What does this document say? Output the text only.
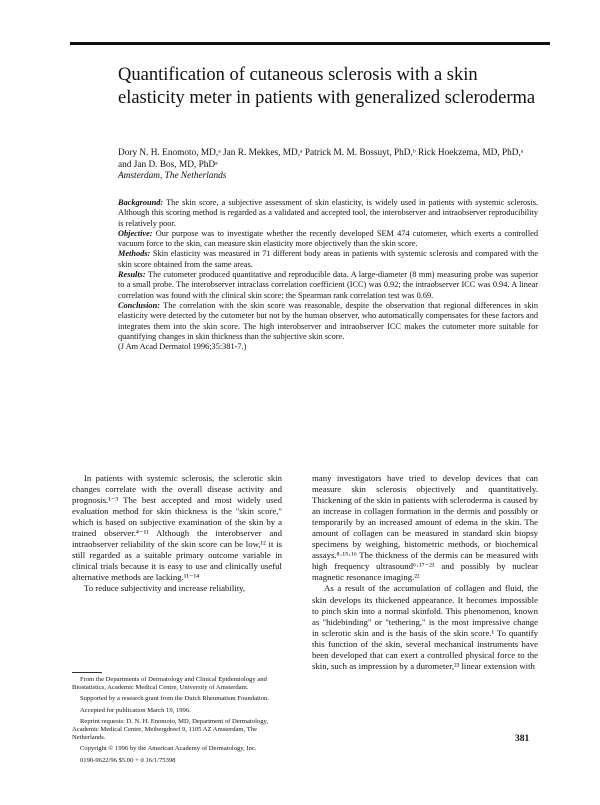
Quantification of cutaneous sclerosis with a skin elasticity meter in patients with generalized scleroderma
Dory N. H. Enomoto, MD,ᵃ Jan R. Mekkes, MD,ᵃ Patrick M. M. Bossuyt, PhD,ᵇ Rick Hoekzema, MD, PhD,ᵃ and Jan D. Bos, MD, PhDᵃ
Amsterdam, The Netherlands

Background: The skin score, a subjective assessment of skin elasticity, is widely used in patients with systemic sclerosis. Although this scoring method is regarded as a validated and accepted tool, the interobserver and intraobserver reproducibility is relatively poor.

Objective: Our purpose was to investigate whether the recently developed SEM 474 cutometer, which exerts a controlled vacuum force to the skin, can measure skin elasticity more objectively than the skin score.

Methods: Skin elasticity was measured in 71 different body areas in patients with systemic sclerosis and compared with the skin score obtained from the same areas.

Results: The cutometer produced quantitative and reproducible data. A large-diameter (8 mm) measuring probe was superior to a small probe. The interobserver intraclass correlation coefficient (ICC) was 0.92; the intraobserver ICC was 0.94. A linear correlation was found with the clinical skin score: the Spearman rank correlation test was 0.69.

Conclusion: The correlation with the skin score was reasonable, despite the observation that regional differences in skin elasticity were detected by the cutometer but not by the human observer, who automatically compensates for these factors and integrates them into the skin score. The high interobserver and intraobserver ICC makes the cutometer more suitable for quantifying changes in skin thickness than the subjective skin score.

(J Am Acad Dermatol 1996;35:381-7.)

In patients with systemic sclerosis, the sclerotic skin changes correlate with the overall disease activity and prognosis.¹⁻³ The best accepted and most widely used evaluation method for skin thickness is the "skin score," which is based on subjective examination of the skin by a trained observer.⁴⁻¹¹ Although the interobserver and intraobserver reliability of the skin score can be low,¹² it is still regarded as a suitable primary outcome variable in clinical trials because it is easy to use and clinically useful alternative methods are lacking.¹¹⁻¹⁴

To reduce subjectivity and increase reliability,

From the Departments of Dermatology and Clinical Epidemiology and Biostatistics, Academic Medical Centre, University of Amsterdam.

Supported by a research grant from the Dutch Rheumatism Foundation.

Accepted for publication March 19, 1996.

Reprint requests: D. N. H. Enomoto, MD, Department of Dermatology, Academic Medical Centre, Meibergdreef 9, 1105 AZ Amsterdam, The Netherlands.

Copyright © 1996 by the American Academy of Dermatology, Inc.

0190-9622/96 $5.00 + 0 16/1/75398

many investigators have tried to develop devices that can measure skin sclerosis objectively and quantitatively. Thickening of the skin in patients with scleroderma is caused by an increase in collagen formation in the dermis and possibly or temporarily by an increased amount of edema in the skin. The amount of collagen can be measured in standard skin biopsy specimens by weighing, histometric methods, or biochemical assays.⁸·¹⁵·¹⁶ The thickness of the dermis can be measured with high frequency ultrasound⁶·¹⁷⁻²¹ and possibly by nuclear magnetic resonance imaging.²²

As a result of the accumulation of collagen and fluid, the skin develops its thickened appearance. It becomes impossible to pinch skin into a normal skinfold. This phenomenon, known as "hidebinding" or "tethering," is the most impressive change in sclerotic skin and is the basis of the skin score.¹ To quantify this function of the skin, several mechanical instruments have been developed that can exert a controlled physical force to the skin, such as impression by a durometer,²³ linear extension with

381
